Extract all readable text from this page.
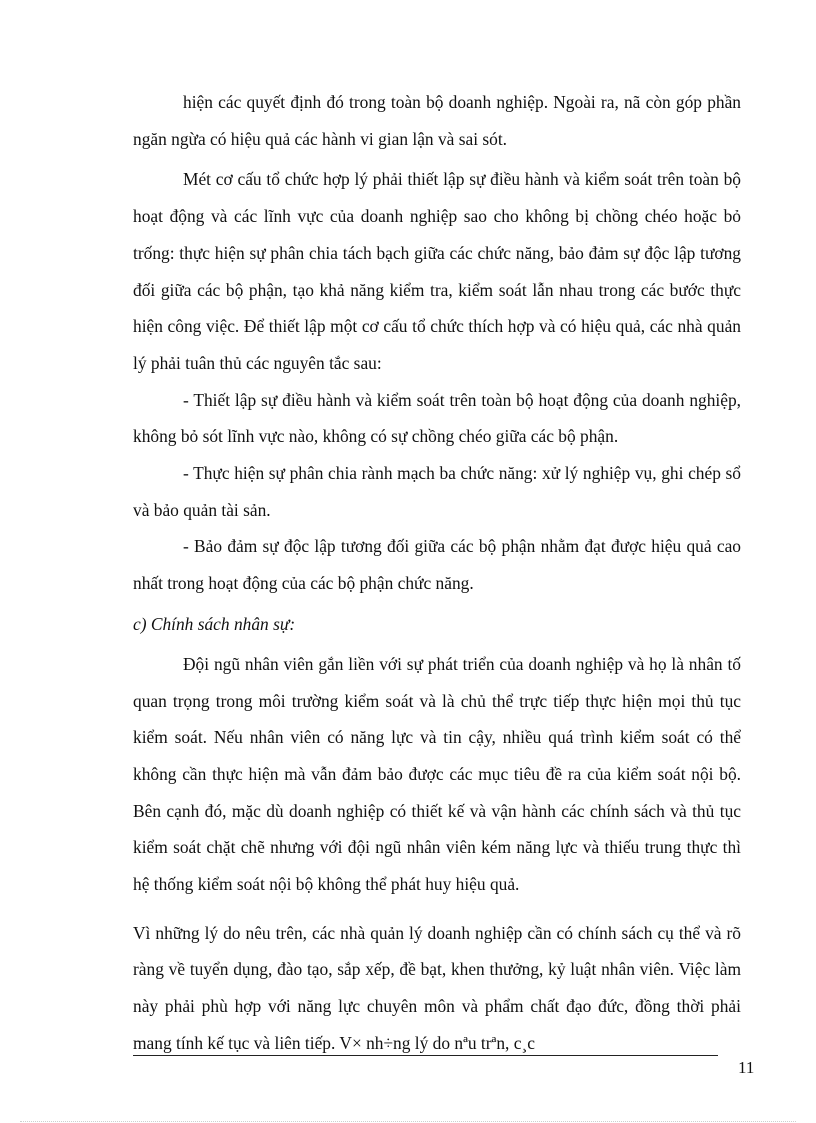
hiện các quyết định đó trong toàn bộ doanh nghiệp. Ngoài ra, nã còn góp phần ngăn ngừa có hiệu quả các hành vi gian lận và sai sót.

Mét cơ cấu tổ chức hợp lý phải thiết lập sự điều hành và kiểm soát trên toàn bộ hoạt động và các lĩnh vực của doanh nghiệp sao cho không bị chồng chéo hoặc bỏ trống: thực hiện sự phân chia tách bạch giữa các chức năng, bảo đảm sự độc lập tương đối giữa các bộ phận, tạo khả năng kiểm tra, kiểm soát lẫn nhau trong các bước thực hiện công việc. Để thiết lập một cơ cấu tổ chức thích hợp và có hiệu quả, các nhà quản lý phải tuân thủ các nguyên tắc sau:

- Thiết lập sự điều hành và kiểm soát trên toàn bộ hoạt động của doanh nghiệp, không bỏ sót lĩnh vực nào, không có sự chồng chéo giữa các bộ phận.

- Thực hiện sự phân chia rành mạch ba chức năng: xử lý nghiệp vụ, ghi chép sổ và bảo quản tài sản.

- Bảo đảm sự độc lập tương đối giữa các bộ phận nhằm đạt được hiệu quả cao nhất trong hoạt động của các bộ phận chức năng.

c) Chính sách nhân sự:

Đội ngũ nhân viên gắn liền với sự phát triển của doanh nghiệp và họ là nhân tố quan trọng trong môi trường kiểm soát và là chủ thể trực tiếp thực hiện mọi thủ tục kiểm soát. Nếu nhân viên có năng lực và tin cậy, nhiều quá trình kiểm soát có thể không cần thực hiện mà vẫn đảm bảo được các mục tiêu đề ra của kiểm soát nội bộ. Bên cạnh đó, mặc dù doanh nghiệp có thiết kế và vận hành các chính sách và thủ tục kiểm soát chặt chẽ nhưng với đội ngũ nhân viên kém năng lực và thiếu trung thực thì hệ thống kiểm soát nội bộ không thể phát huy hiệu quả.

Vì những lý do nêu trên, các nhà quản lý doanh nghiệp cần có chính sách cụ thể và rõ ràng về tuyển dụng, đào tạo, sắp xếp, đề bạt, khen thưởng, kỷ luật nhân viên. Việc làm này phải phù hợp với năng lực chuyên môn và phẩm chất đạo đức, đồng thời phải mang tính kế tục và liên tiếp. V× nh÷ng lý do nªu trªn, c¸c

11
